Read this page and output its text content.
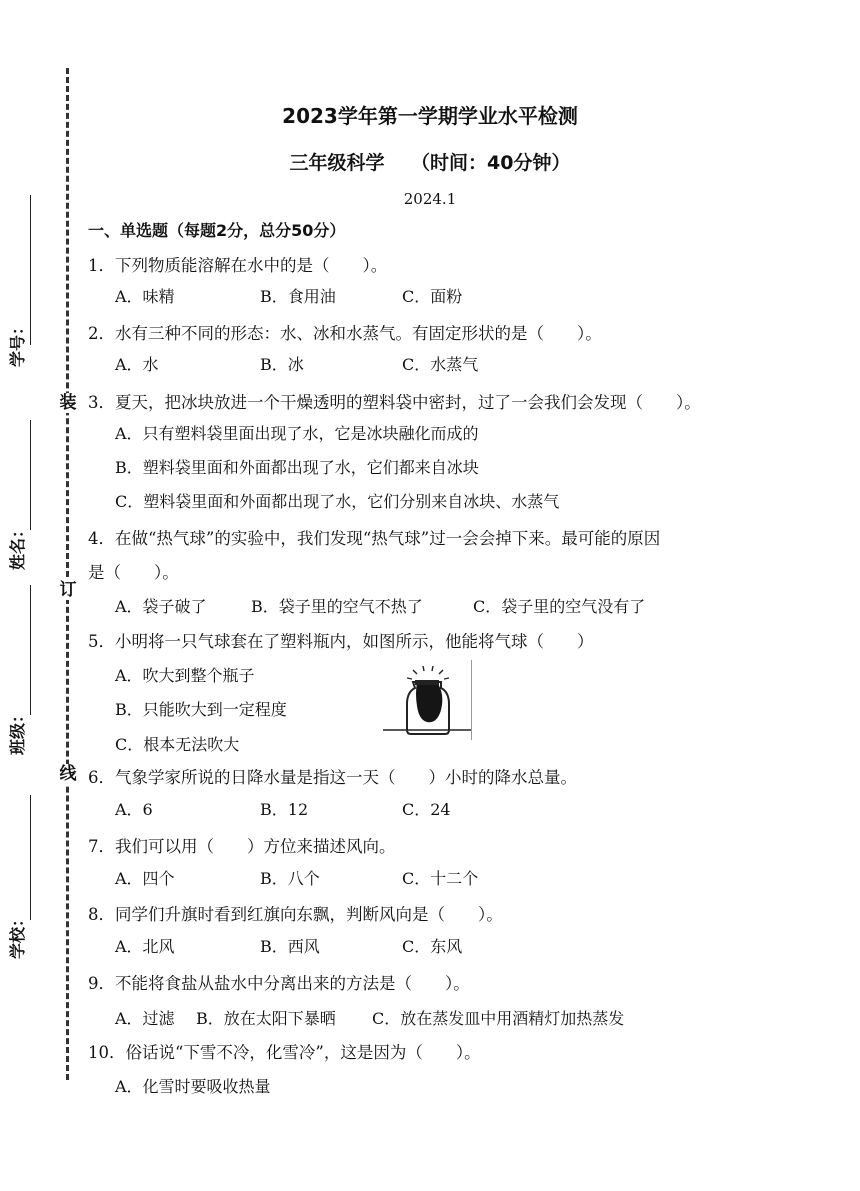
装
订
线
学号：
姓名：
班级：
学校：
2023学年第一学期学业水平检测
三年级科学    （时间：40分钟）
2024.1
一、单选题（每题2分，总分50分）
1．下列物质能溶解在水中的是（　　）。
A．味精	B．食用油	C．面粉
2．水有三种不同的形态：水、冰和水蒸气。有固定形状的是（　　）。
A．水	B．冰	C．水蒸气
3．夏天，把冰块放进一个干燥透明的塑料袋中密封，过了一会我们会发现（　　）。
A．只有塑料袋里面出现了水，它是冰块融化而成的
B．塑料袋里面和外面都出现了水，它们都来自冰块
C．塑料袋里面和外面都出现了水，它们分别来自冰块、水蒸气
4．在做“热气球”的实验中，我们发现“热气球”过一会会掉下来。最可能的原因
是（　　）。
A．袋子破了	B．袋子里的空气不热了	C．袋子里的空气没有了
5．小明将一只气球套在了塑料瓶内，如图所示，他能将气球（　　）
A．吹大到整个瓶子
B．只能吹大到一定程度
C．根本无法吹大
6．气象学家所说的日降水量是指这一天（　　）小时的降水总量。
A．6	B．12	C．24
7．我们可以用（　　）方位来描述风向。
A．四个	B．八个	C．十二个
8．同学们升旗时看到红旗向东飘，判断风向是（　　）。
A．北风	B．西风	C．东风
9．不能将食盐从盐水中分离出来的方法是（　　）。
A．过滤 B．放在太阳下暴晒 C．放在蒸发皿中用酒精灯加热蒸发
10．俗话说“下雪不冷，化雪冷”，这是因为（　　）。
A．化雪时要吸收热量
